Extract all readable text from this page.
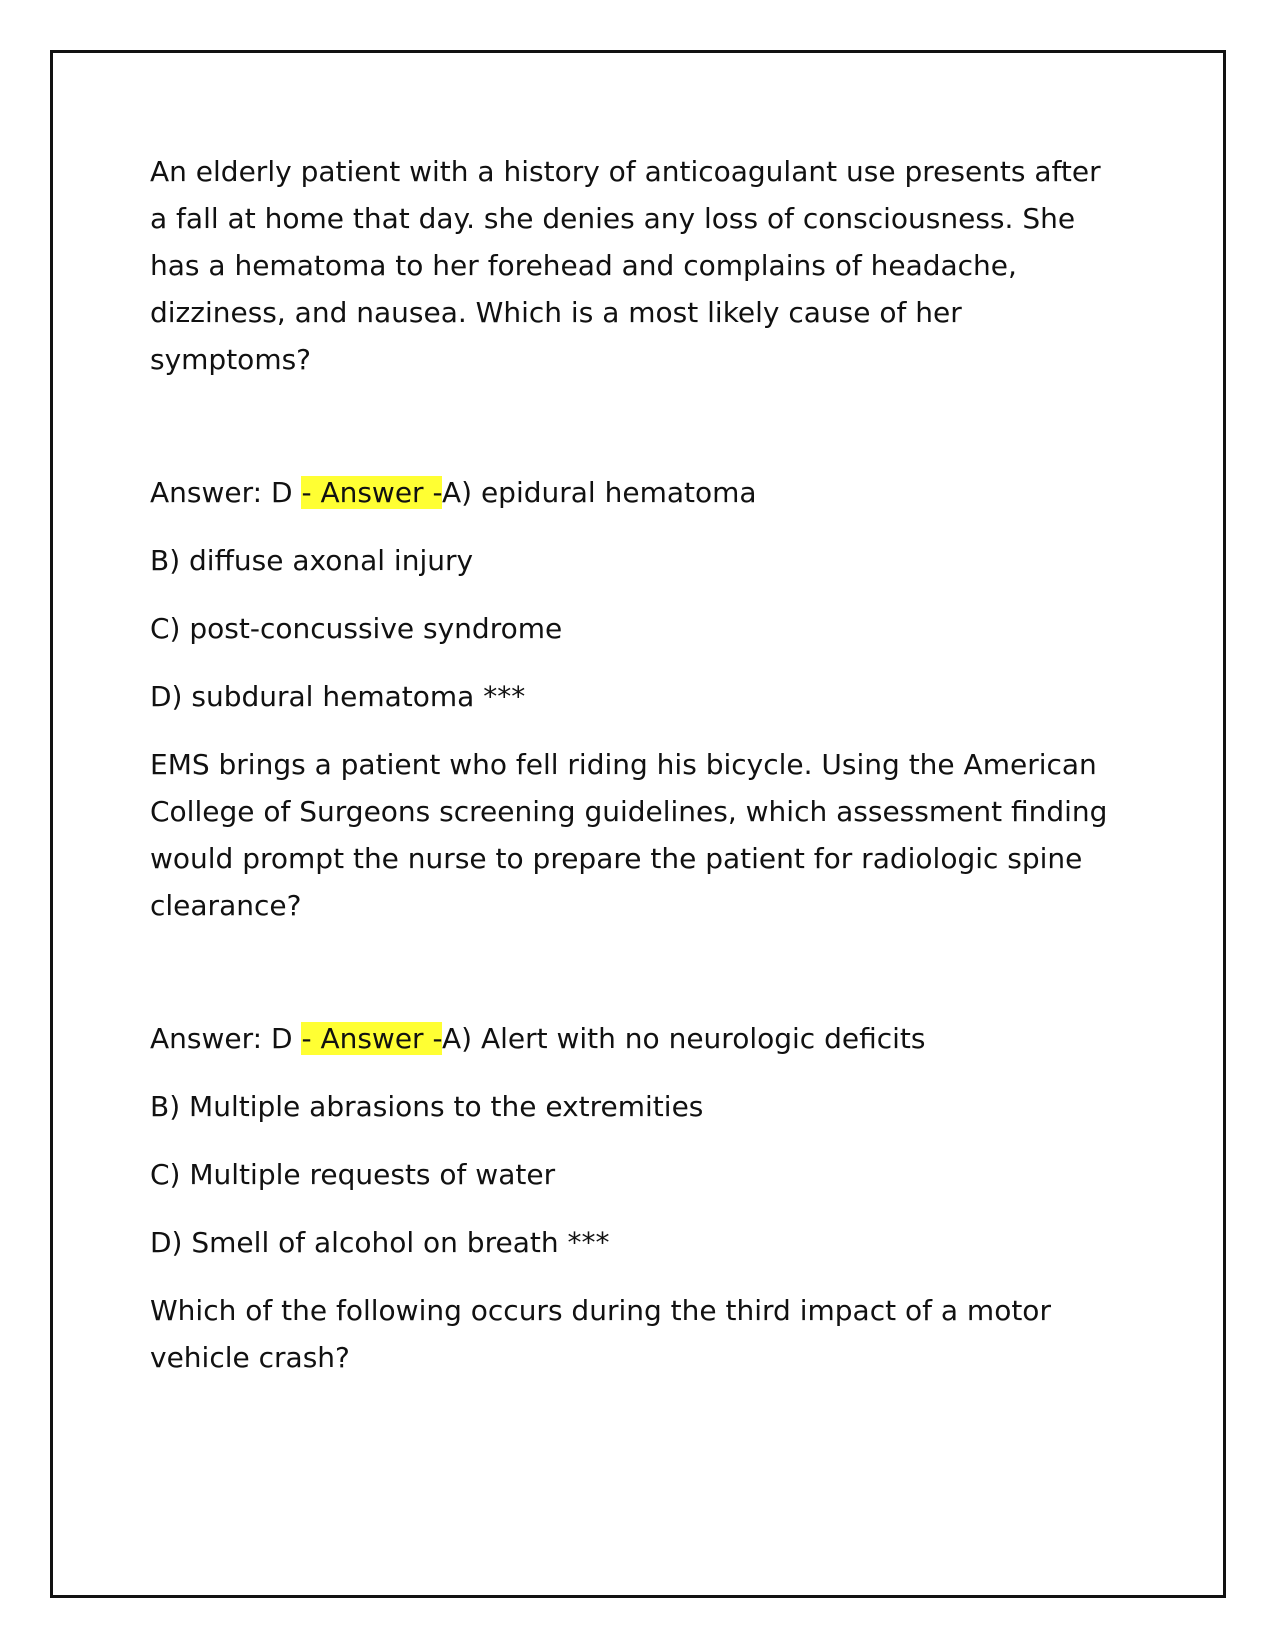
An elderly patient with a history of anticoagulant use presents after a fall at home that day. she denies any loss of consciousness. She has a hematoma to her forehead and complains of headache, dizziness, and nausea. Which is a most likely cause of her symptoms?

Answer: D - Answer -A) epidural hematoma

B) diffuse axonal injury

C) post-concussive syndrome

D) subdural hematoma ***

EMS brings a patient who fell riding his bicycle. Using the American College of Surgeons screening guidelines, which assessment finding would prompt the nurse to prepare the patient for radiologic spine clearance?

Answer: D - Answer -A) Alert with no neurologic deficits

B) Multiple abrasions to the extremities

C) Multiple requests of water

D) Smell of alcohol on breath ***

Which of the following occurs during the third impact of a motor vehicle crash?
